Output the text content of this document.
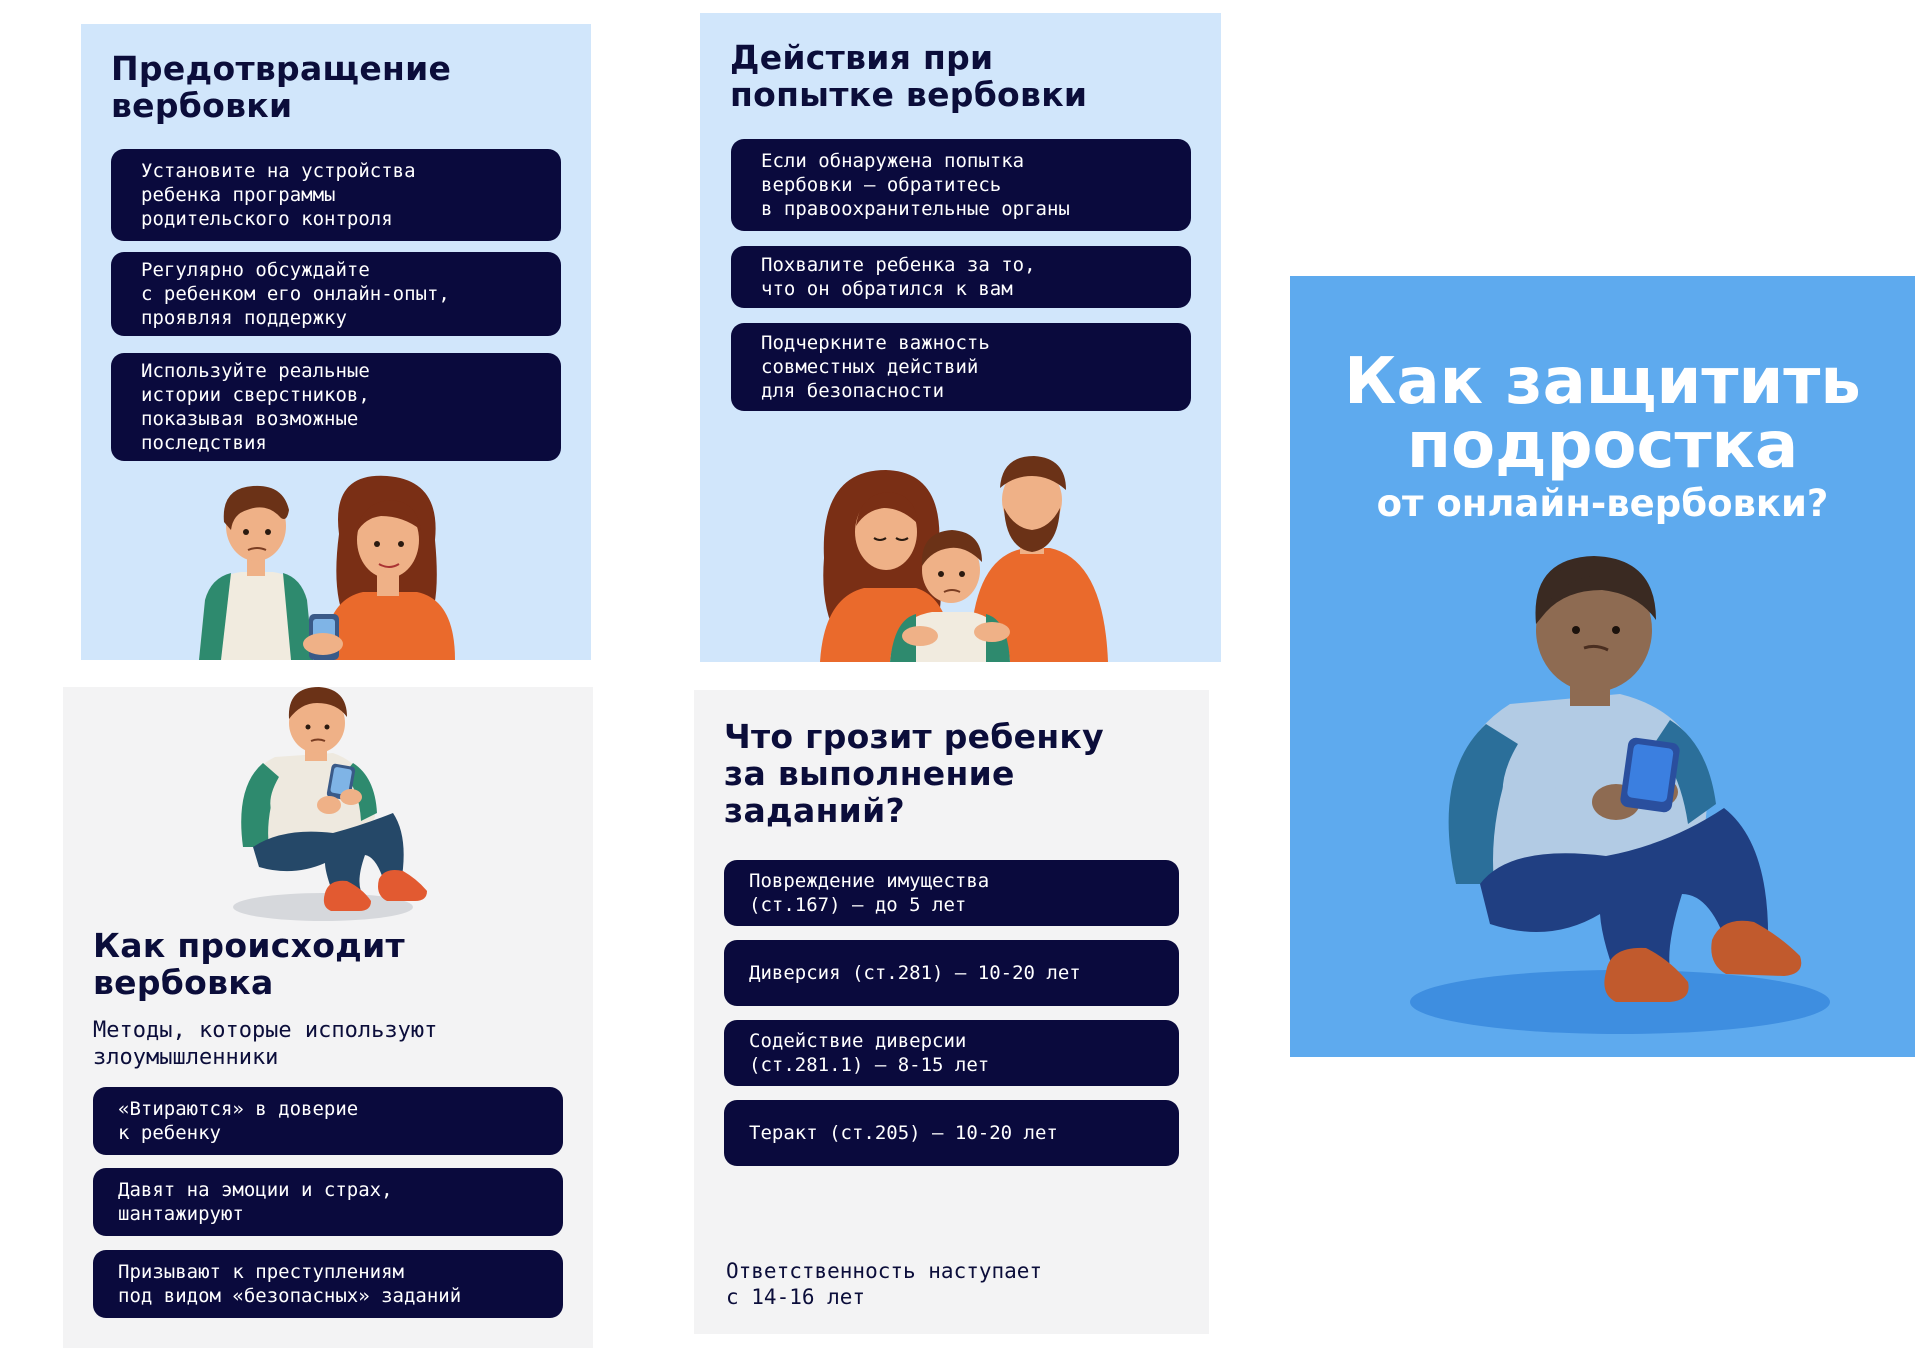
Предотвращение
вербовки
Установите на устройства
ребенка программы
родительского контроля
Регулярно обсуждайте
с ребенком его онлайн-опыт,
проявляя поддержку
Используйте реальные
истории сверстников,
показывая возможные
последствия
Действия при
попытке вербовки
Если обнаружена попытка
вербовки – обратитесь
в правоохранительные органы
Похвалите ребенка за то,
что он обратился к вам
Подчеркните важность
совместных действий
для безопасности	Как защитить
подростка
от онлайн-вербовки?
Как происходит
вербовка

Методы, которые используют
злоумышленники

«Втираются» в доверие
к ребенку
Давят на эмоции и страх,
шантажируют
Призывают к преступлениям
под видом «безопасных» заданий
Что грозит ребенку
за выполнение
заданий?
Повреждение имущества
(ст.167) — до 5 лет
Диверсия (ст.281) — 10-20 лет
Содействие диверсии
(ст.281.1) — 8-15 лет
Теракт (ст.205) — 10-20 лет

Ответственность наступает
с 14-16 лет
